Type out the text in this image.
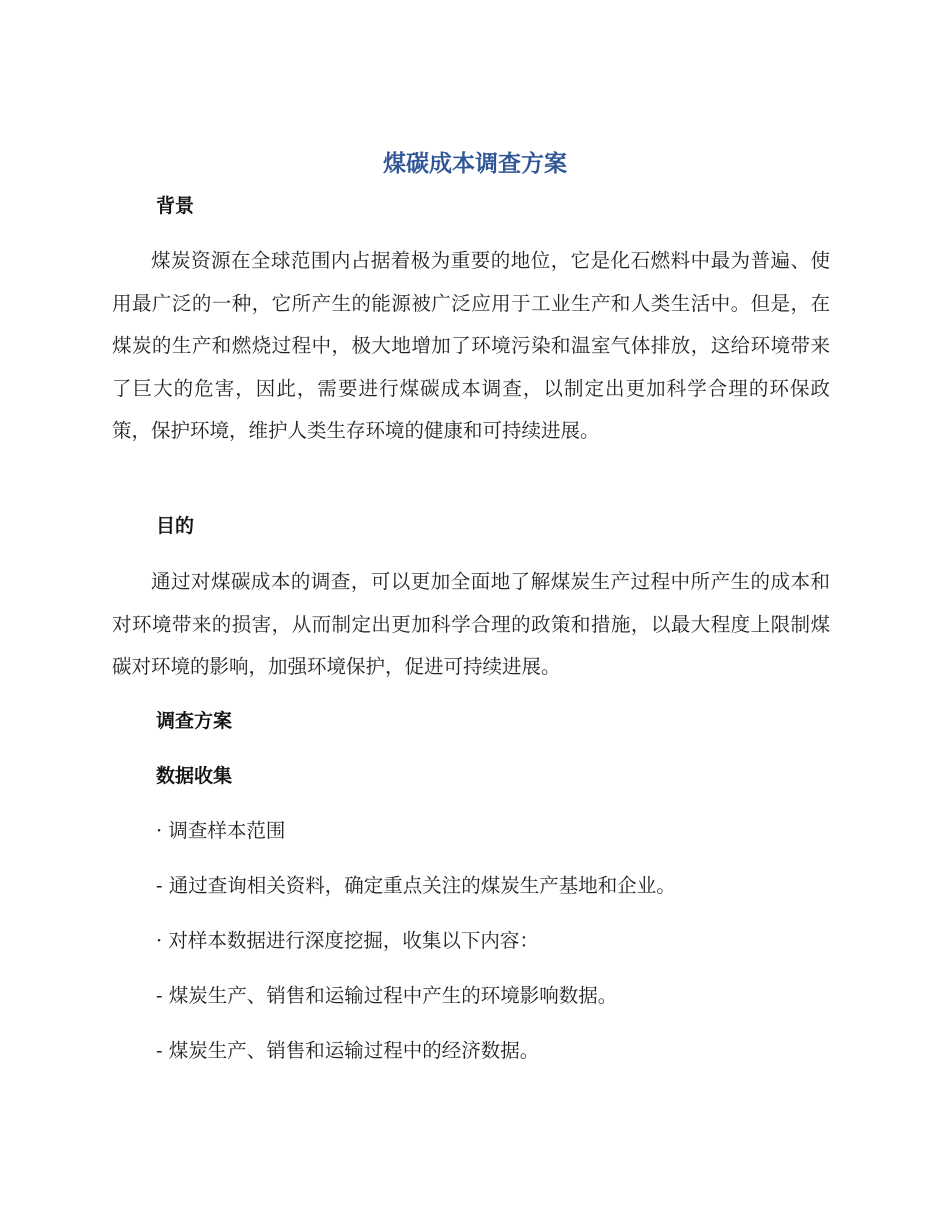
煤碳成本调查方案
背景

煤炭资源在全球范围内占据着极为重要的地位，它是化石燃料中最为普遍、使用最广泛的一种，它所产生的能源被广泛应用于工业生产和人类生活中。但是，在煤炭的生产和燃烧过程中，极大地增加了环境污染和温室气体排放，这给环境带来了巨大的危害，因此，需要进行煤碳成本调查，以制定出更加科学合理的环保政策，保护环境，维护人类生存环境的健康和可持续进展。

目的

通过对煤碳成本的调查，可以更加全面地了解煤炭生产过程中所产生的成本和对环境带来的损害，从而制定出更加科学合理的政策和措施，以最大程度上限制煤碳对环境的影响，加强环境保护，促进可持续进展。

调查方案
数据收集

· 调查样本范围

- 通过查询相关资料，确定重点关注的煤炭生产基地和企业。

· 对样本数据进行深度挖掘，收集以下内容：

- 煤炭生产、销售和运输过程中产生的环境影响数据。

- 煤炭生产、销售和运输过程中的经济数据。
